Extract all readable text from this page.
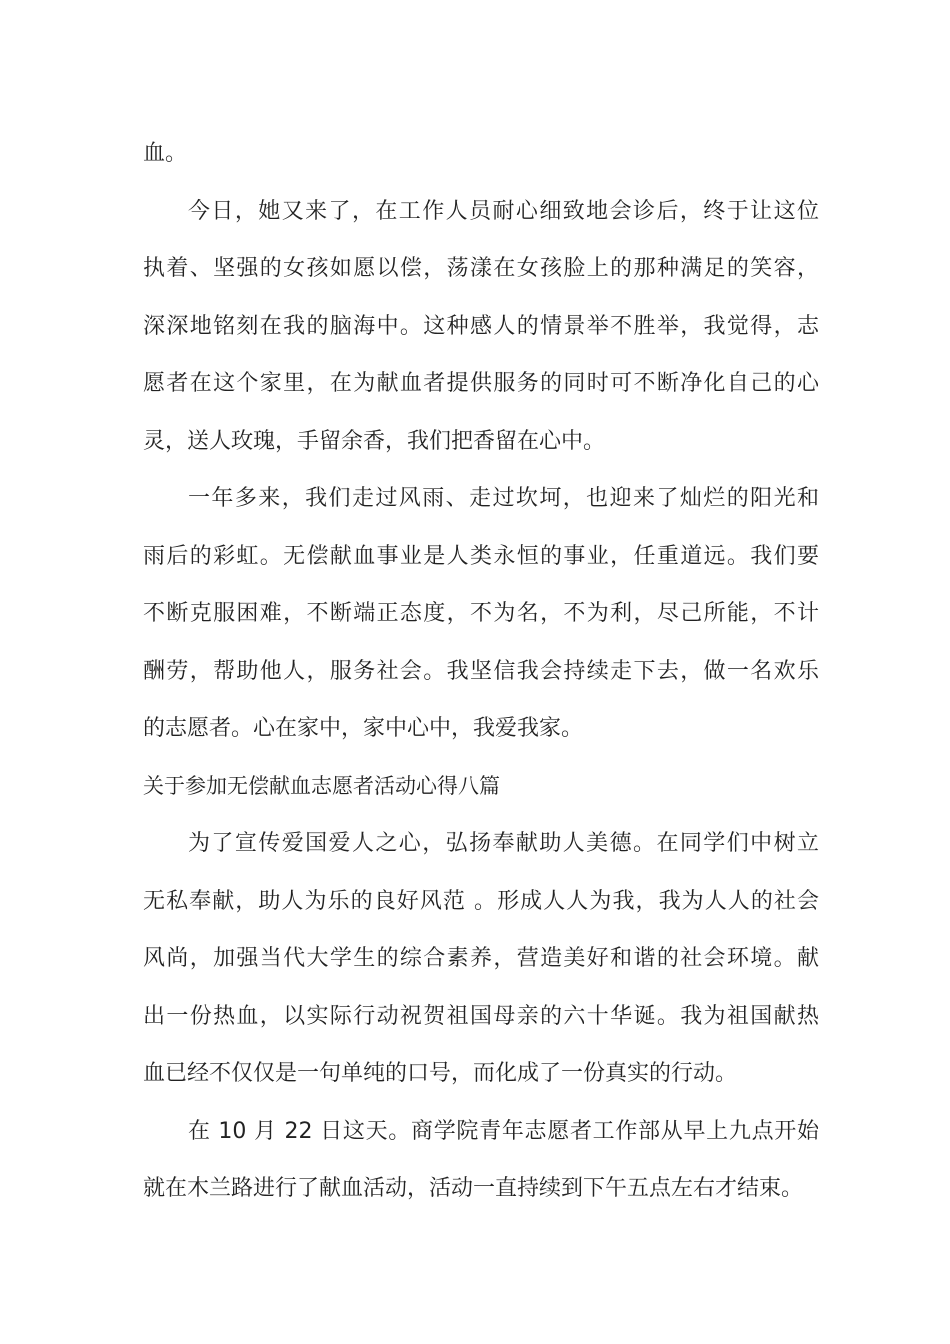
血。
今日，她又来了，在工作人员耐心细致地会诊后，终于让这位
执着、坚强的女孩如愿以偿，荡漾在女孩脸上的那种满足的笑容，
深深地铭刻在我的脑海中。这种感人的情景举不胜举，我觉得，志
愿者在这个家里，在为献血者提供服务的同时可不断净化自己的心
灵，送人玫瑰，手留余香，我们把香留在心中。
一年多来，我们走过风雨、走过坎坷，也迎来了灿烂的阳光和
雨后的彩虹。无偿献血事业是人类永恒的事业，任重道远。我们要
不断克服困难，不断端正态度，不为名，不为利，尽己所能，不计
酬劳，帮助他人，服务社会。我坚信我会持续走下去，做一名欢乐
的志愿者。心在家中，家中心中，我爱我家。
关于参加无偿献血志愿者活动心得八篇
为了宣传爱国爱人之心，弘扬奉献助人美德。在同学们中树立
无私奉献，助人为乐的良好风范 。形成人人为我，我为人人的社会
风尚，加强当代大学生的综合素养，营造美好和谐的社会环境。献
出一份热血，以实际行动祝贺祖国母亲的六十华诞。我为祖国献热
血已经不仅仅是一句单纯的口号，而化成了一份真实的行动。
在 10 月 22 日这天。商学院青年志愿者工作部从早上九点开始
就在木兰路进行了献血活动，活动一直持续到下午五点左右才结束。
